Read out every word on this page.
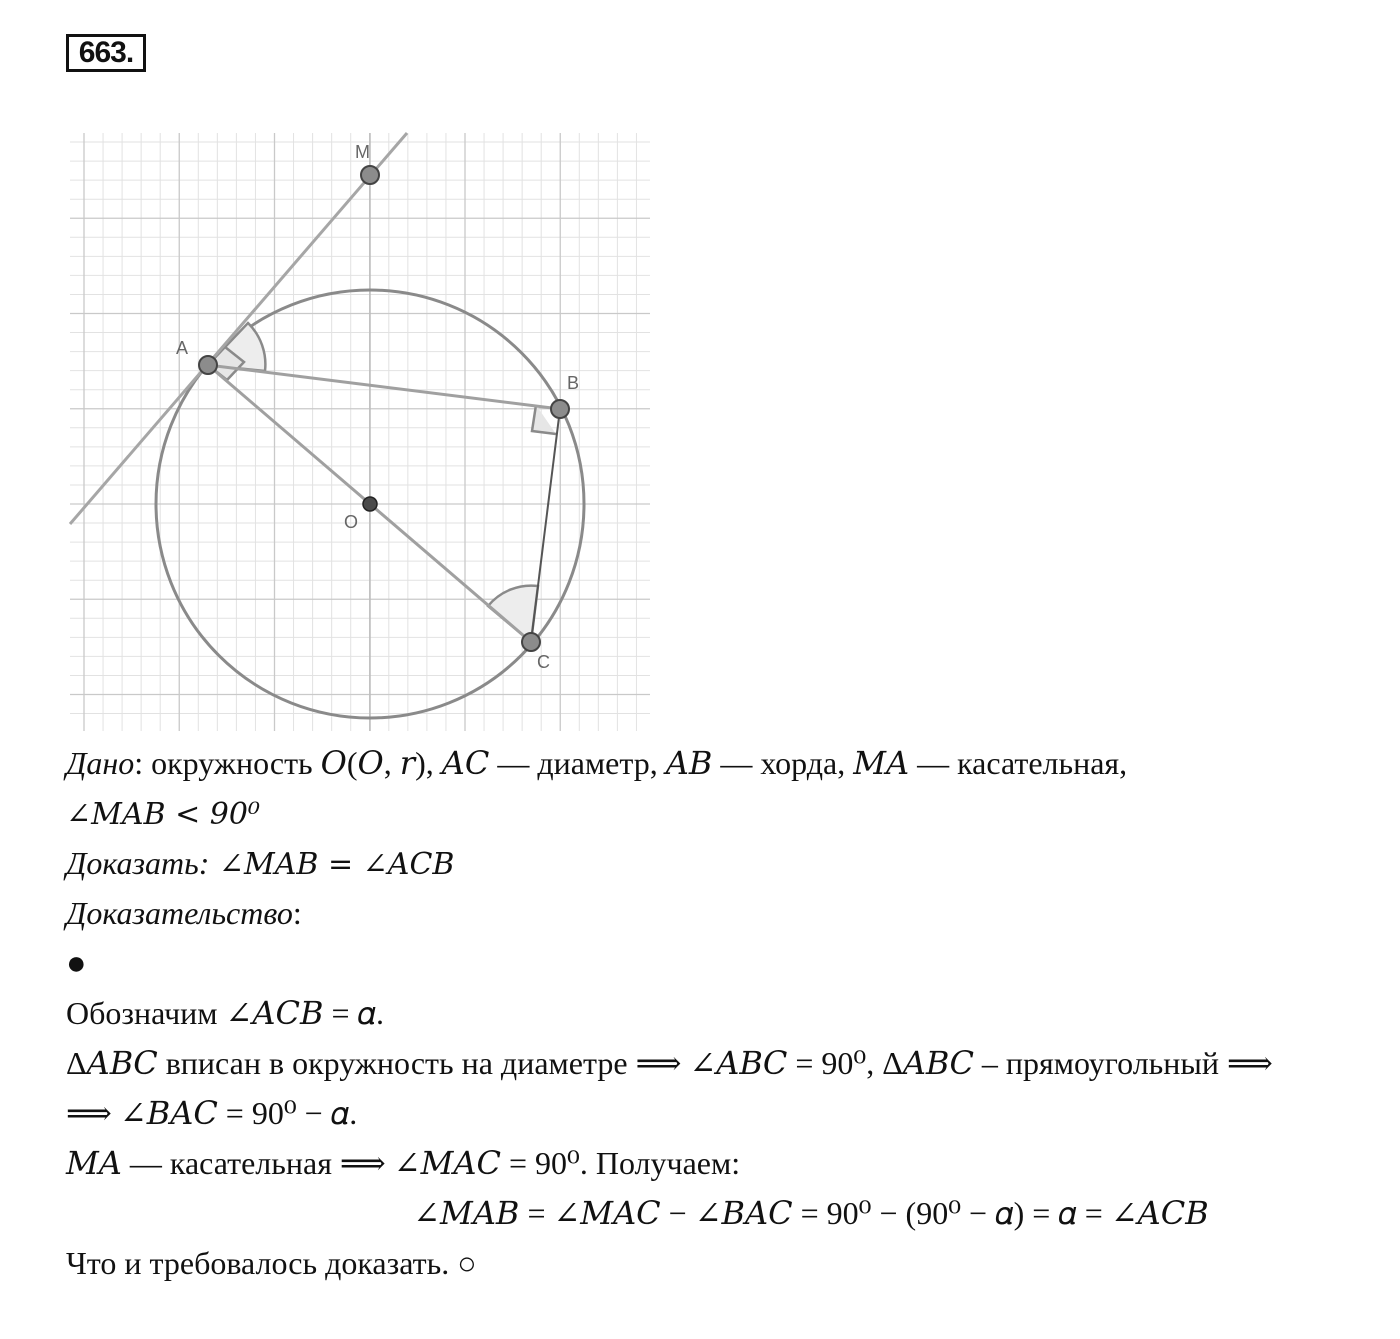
663.
M
A
B
O
C
Дано: окружность 𝑂(𝑂, 𝑟), 𝐴𝐶 — диаметр, 𝐴𝐵 — хорда, 𝑀𝐴 — касательная,
∠𝑀𝐴𝐵 < 90⁰
Доказать: ∠𝑀𝐴𝐵 = ∠𝐴𝐶𝐵
Доказательство:
●
Обозначим ∠𝐴𝐶𝐵 = 𝛼.
Δ𝐴𝐵𝐶 вписан в окружность на диаметре ⟹ ∠𝐴𝐵𝐶 = 90⁰, Δ𝐴𝐵𝐶 – прямоугольный ⟹
⟹ ∠𝐵𝐴𝐶 = 90⁰ − 𝛼.
𝑀𝐴 — касательная ⟹ ∠𝑀𝐴𝐶 = 90⁰. Получаем:
∠𝑀𝐴𝐵 = ∠𝑀𝐴𝐶 − ∠𝐵𝐴𝐶 = 90⁰ − (90⁰ − 𝛼) = 𝛼 = ∠𝐴𝐶𝐵
Что и требовалось доказать. ○
